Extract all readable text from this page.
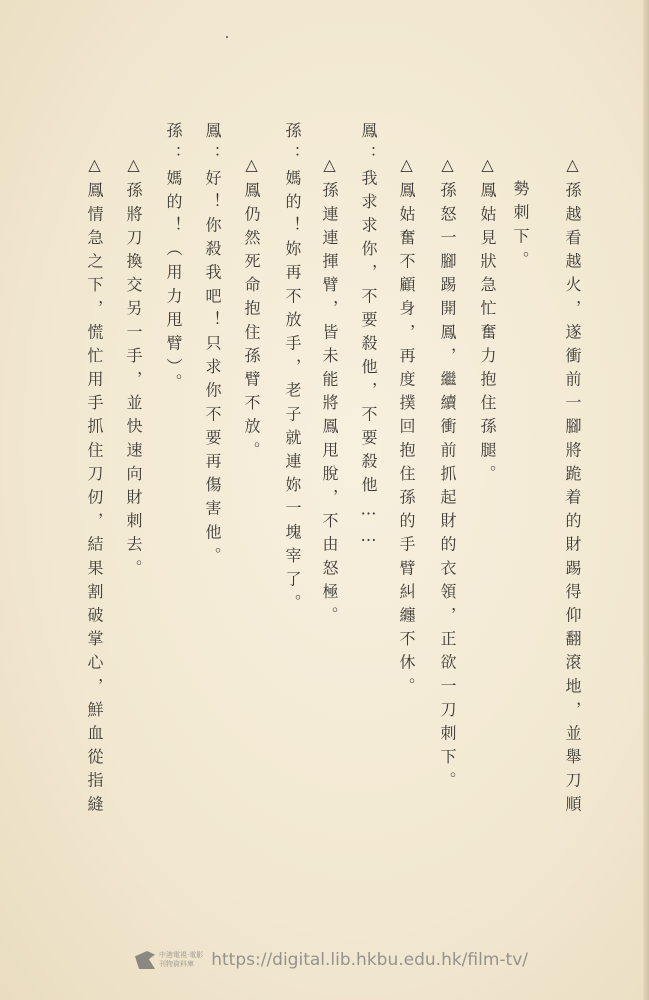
△孫越看越火，遂衝前一腳將跪着的財踢得仰翻滾地，並舉刀順
勢刺下。
△鳳姑見狀急忙奮力抱住孫腿。
△孫怒一腳踢開鳳，繼續衝前抓起財的衣領，正欲一刀刺下。
△鳳姑奮不顧身，再度撲回抱住孫的手臂糾纏不休。
鳳：我求求你，不要殺他，不要殺他……
△孫連連揮臂，皆未能將鳳甩脫，不由怒極。
孫：媽的！妳再不放手，老子就連妳一塊宰了。
△鳳仍然死命抱住孫臂不放。
鳳：好！你殺我吧！只求你不要再傷害他。
孫：媽的！（用力甩臂）。
△孫將刀換交另一手，並快速向財刺去。
△鳳情急之下，慌忙用手抓住刀仞，結果割破掌心，鮮血從指縫
中港電視·電影
刊物資料庫	https://digital.lib.hkbu.edu.hk/film-tv/
